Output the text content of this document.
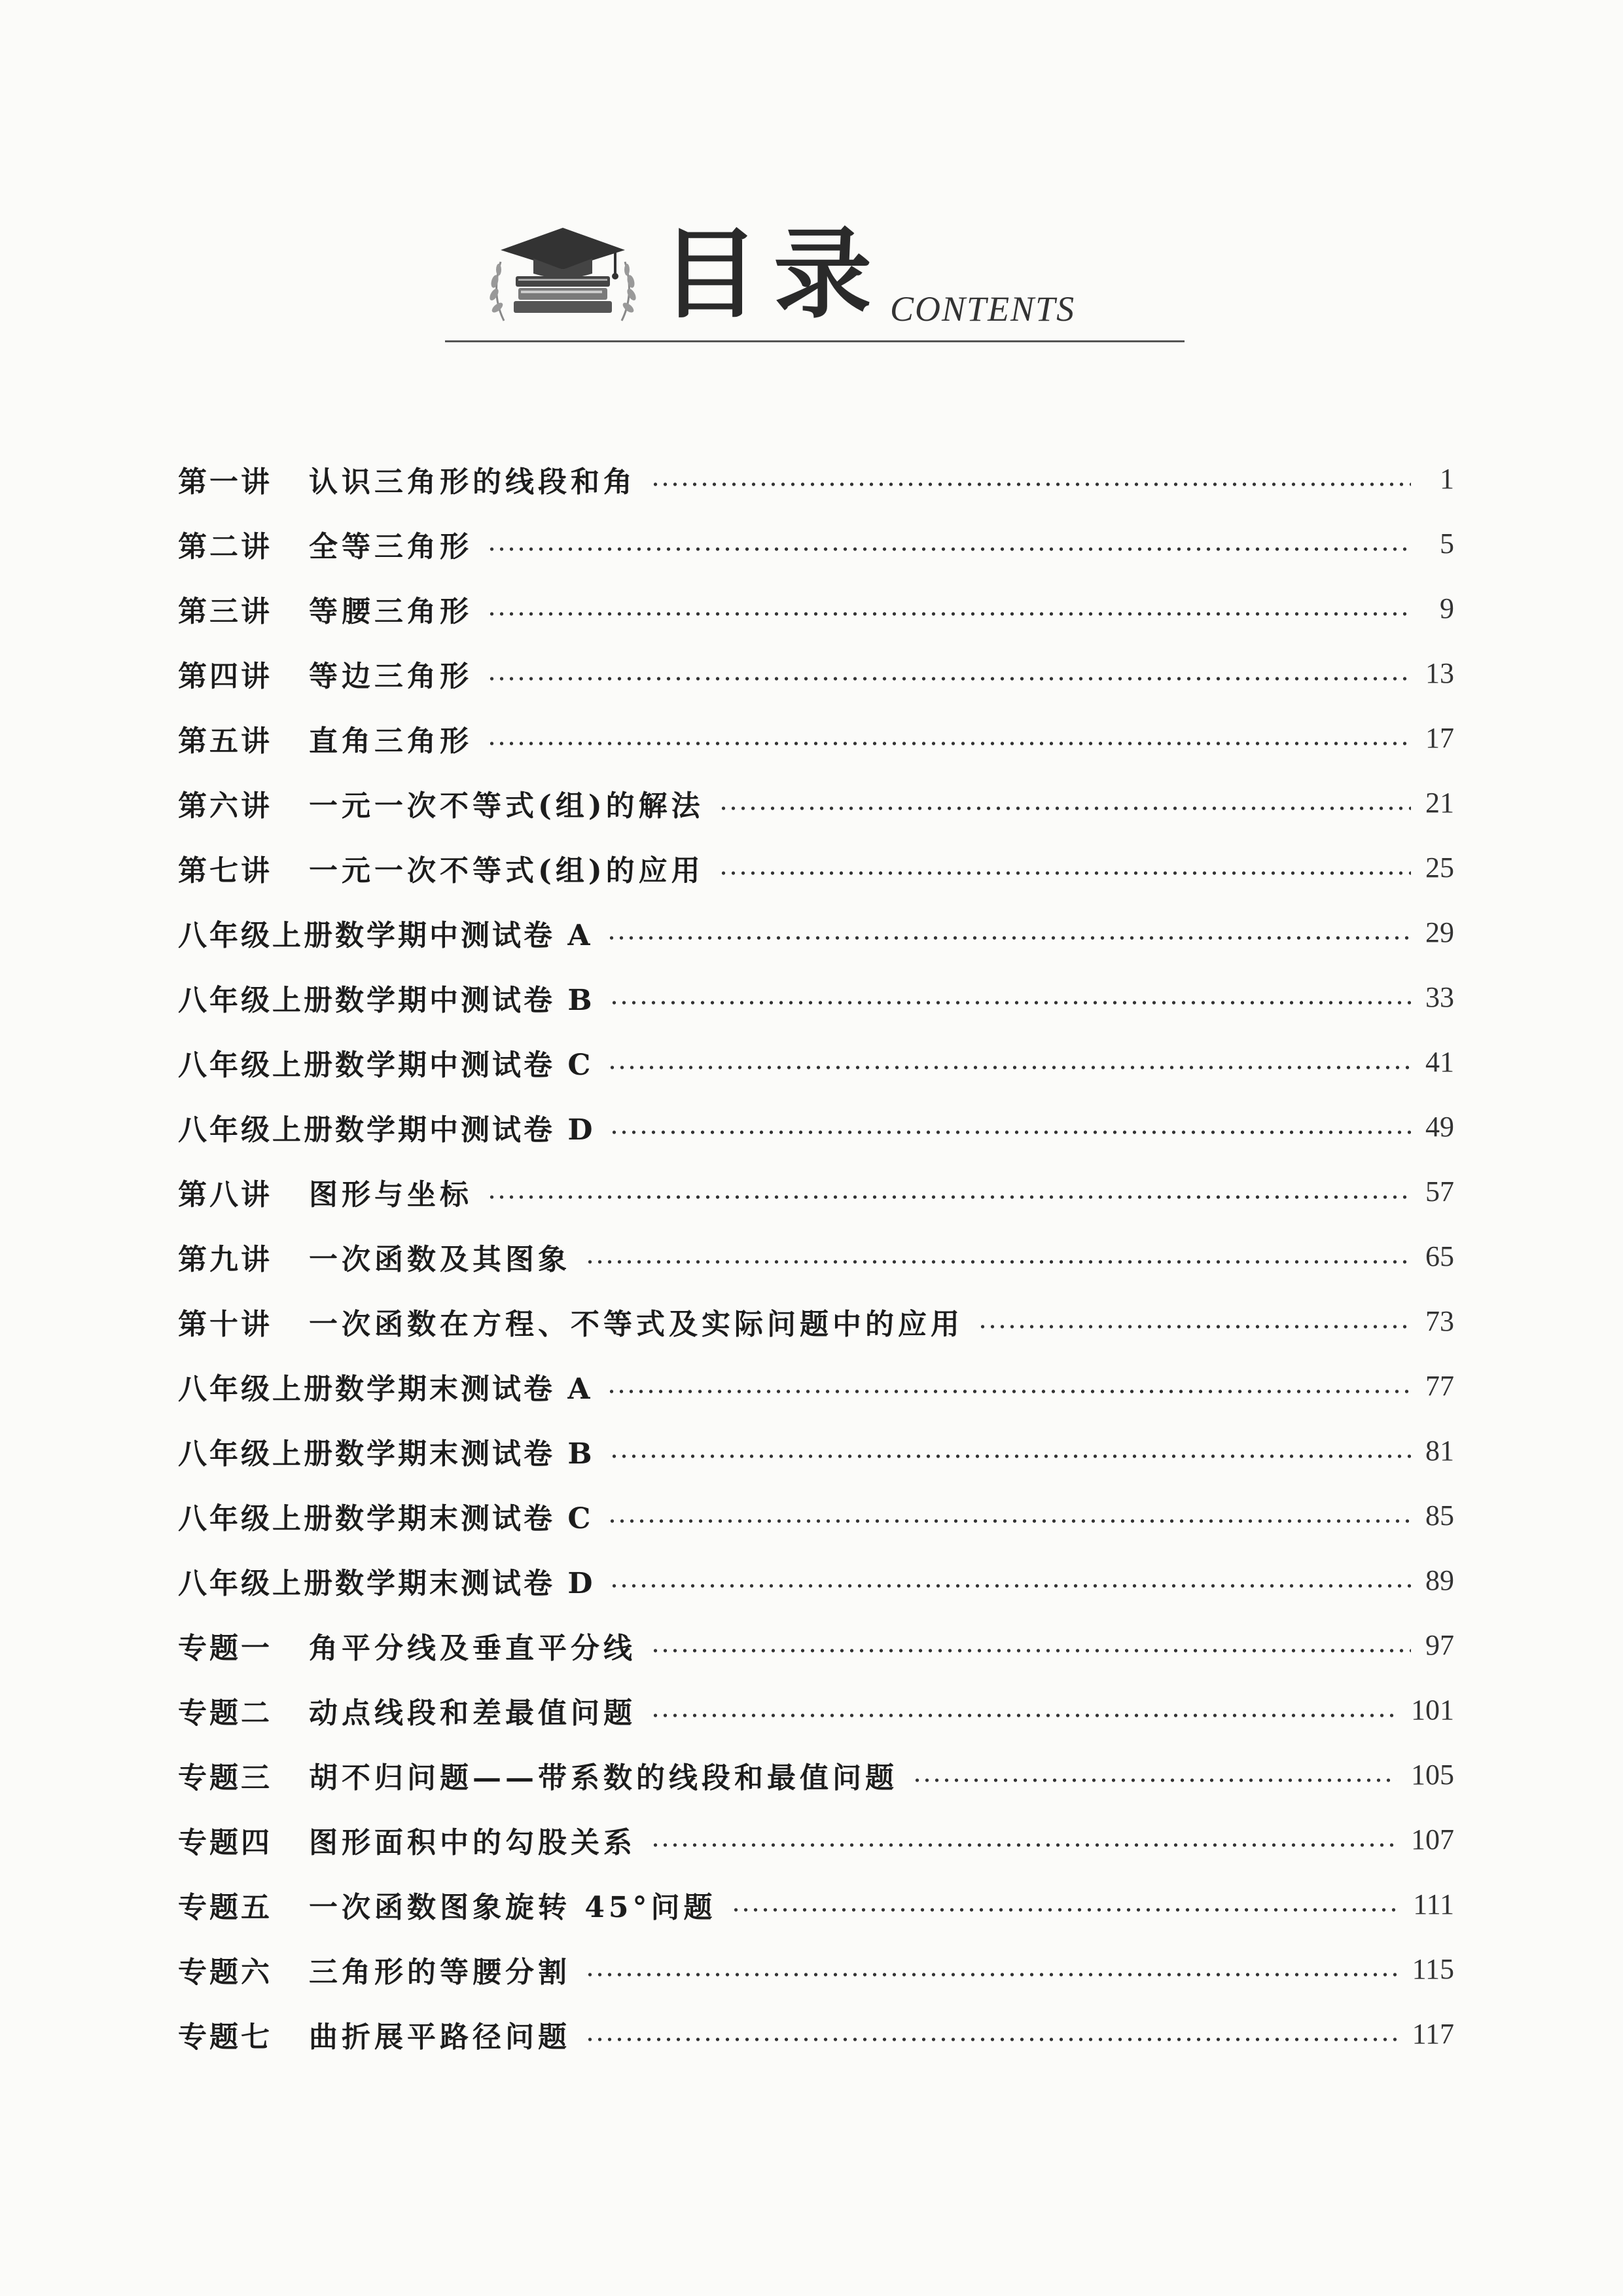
目录 CONTENTS
第一讲	认识三角形的线段和角	1
第二讲	全等三角形	5
第三讲	等腰三角形	9
第四讲	等边三角形	13
第五讲	直角三角形	17
第六讲	一元一次不等式(组)的解法	21
第七讲	一元一次不等式(组)的应用	25
八年级上册数学期中测试卷 A	29
八年级上册数学期中测试卷 B	33
八年级上册数学期中测试卷 C	41
八年级上册数学期中测试卷 D	49
第八讲	图形与坐标	57
第九讲	一次函数及其图象	65
第十讲	一次函数在方程、不等式及实际问题中的应用	73
八年级上册数学期末测试卷 A	77
八年级上册数学期末测试卷 B	81
八年级上册数学期末测试卷 C	85
八年级上册数学期末测试卷 D	89
专题一	角平分线及垂直平分线	97
专题二	动点线段和差最值问题	101
专题三	胡不归问题——带系数的线段和最值问题	105
专题四	图形面积中的勾股关系	107
专题五	一次函数图象旋转 45°问题	111
专题六	三角形的等腰分割	115
专题七	曲折展平路径问题	117
